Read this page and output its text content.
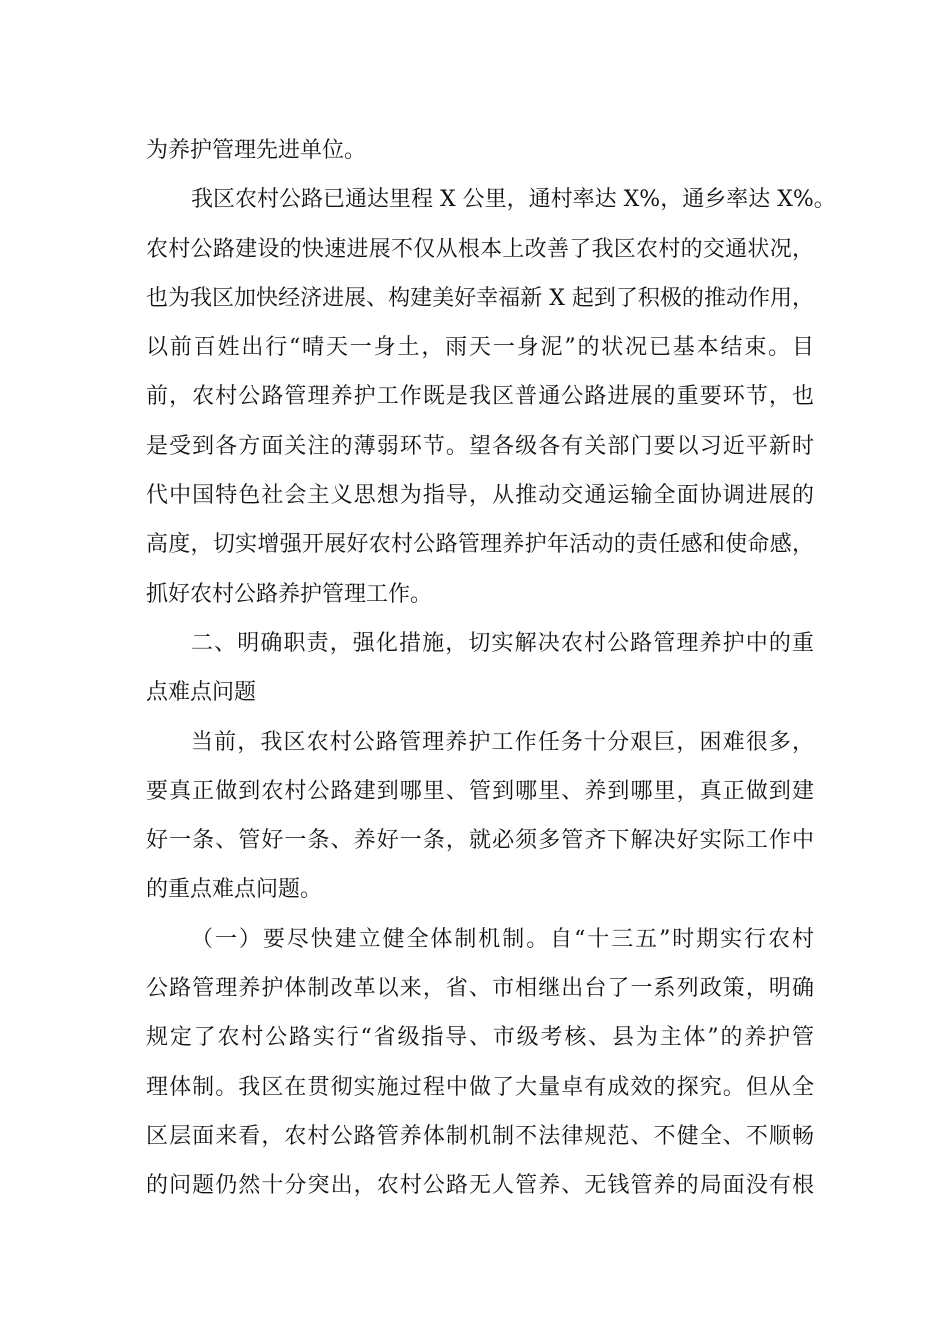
为养护管理先进单位。
我区农村公路已通达里程 X 公里，通村率达 X%，通乡率达 X%。
农村公路建设的快速进展不仅从根本上改善了我区农村的交通状况，
也为我区加快经济进展、构建美好幸福新 X 起到了积极的推动作用，
以前百姓出行“晴天一身土，雨天一身泥”的状况已基本结束。目
前，农村公路管理养护工作既是我区普通公路进展的重要环节，也
是受到各方面关注的薄弱环节。望各级各有关部门要以习近平新时
代中国特色社会主义思想为指导，从推动交通运输全面协调进展的
高度，切实增强开展好农村公路管理养护年活动的责任感和使命感，
抓好农村公路养护管理工作。
二、明确职责，强化措施，切实解决农村公路管理养护中的重
点难点问题
当前，我区农村公路管理养护工作任务十分艰巨，困难很多，
要真正做到农村公路建到哪里、管到哪里、养到哪里，真正做到建
好一条、管好一条、养好一条，就必须多管齐下解决好实际工作中
的重点难点问题。
（一）要尽快建立健全体制机制。自“十三五”时期实行农村
公路管理养护体制改革以来，省、市相继出台了一系列政策，明确
规定了农村公路实行“省级指导、市级考核、县为主体”的养护管
理体制。我区在贯彻实施过程中做了大量卓有成效的探究。但从全
区层面来看，农村公路管养体制机制不法律规范、不健全、不顺畅
的问题仍然十分突出，农村公路无人管养、无钱管养的局面没有根
